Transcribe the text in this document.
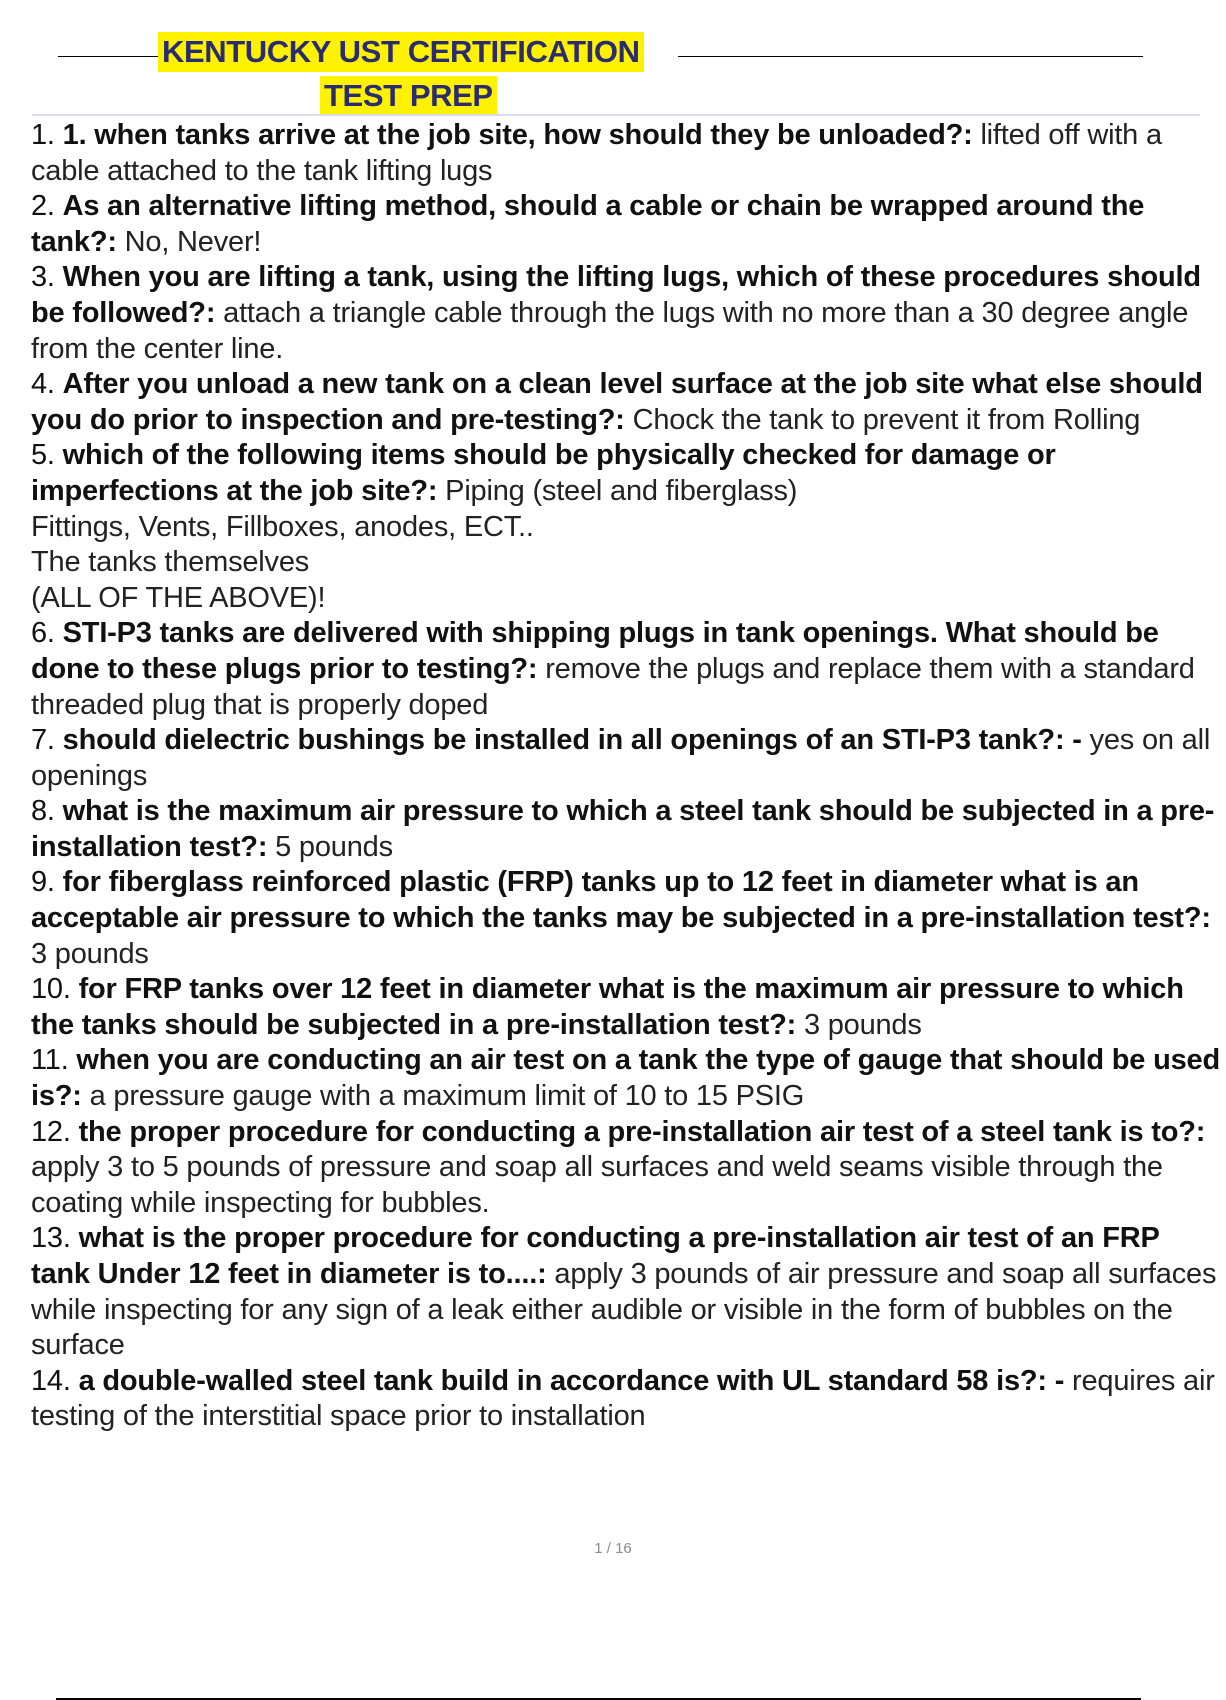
KENTUCKY UST CERTIFICATION
TEST PREP

1. 1. when tanks arrive at the job site, how should they be unloaded?: lifted off with a cable attached to the tank lifting lugs

2. As an alternative lifting method, should a cable or chain be wrapped around the tank?: No, Never!

3. When you are lifting a tank, using the lifting lugs, which of these procedures should be followed?: attach a triangle cable through the lugs with no more than a 30 degree angle from the center line.

4. After you unload a new tank on a clean level surface at the job site what else should you do prior to inspection and pre-testing?: Chock the tank to prevent it from Rolling

5. which of the following items should be physically checked for damage or imperfections at the job site?: Piping (steel and fiberglass)
Fittings, Vents, Fillboxes, anodes, ECT..
The tanks themselves
(ALL OF THE ABOVE)!

6. STI-P3 tanks are delivered with shipping plugs in tank openings. What should be done to these plugs prior to testing?: remove the plugs and replace them with a standard threaded plug that is properly doped

7. should dielectric bushings be installed in all openings of an STI-P3 tank?: - yes on all openings

8. what is the maximum air pressure to which a steel tank should be subjected in a pre-installation test?: 5 pounds

9. for fiberglass reinforced plastic (FRP) tanks up to 12 feet in diameter what is an acceptable air pressure to which the tanks may be subjected in a pre-installation test?: 3 pounds

10. for FRP tanks over 12 feet in diameter what is the maximum air pressure to which the tanks should be subjected in a pre-installation test?: 3 pounds

11. when you are conducting an air test on a tank the type of gauge that should be used is?: a pressure gauge with a maximum limit of 10 to 15 PSIG

12. the proper procedure for conducting a pre-installation air test of a steel tank is to?: apply 3 to 5 pounds of pressure and soap all surfaces and weld seams visible through the coating while inspecting for bubbles.

13. what is the proper procedure for conducting a pre-installation air test of an FRP tank Under 12 feet in diameter is to....: apply 3 pounds of air pressure and soap all surfaces while inspecting for any sign of a leak either audible or visible in the form of bubbles on the surface

14. a double-walled steel tank build in accordance with UL standard 58 is?: - requires air testing of the interstitial space prior to installation

1 / 16
